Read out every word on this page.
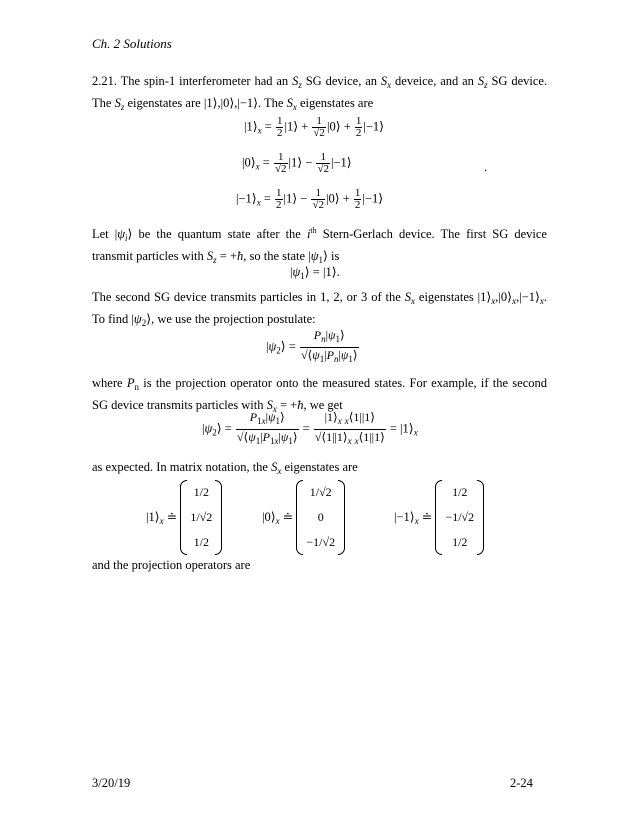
Ch. 2 Solutions
2.21. The spin-1 interferometer had an $S_z$ SG device, an $S_x$ deveice, and an $S_z$ SG device. The $S_z$ eigenstates are |1⟩,|0⟩,|−1⟩. The $S_x$ eigenstates are
$|1⟩_x = \frac{1}{2}$ |1⟩ + $\frac{1}{√2}$ |0⟩ + $\frac{1}{2}$ |−1⟩
$|0⟩_x = \frac{1}{√2}$ |1⟩ − $\frac{1}{√2}$ |−1⟩	.
$|-1⟩_x = \frac{1}{2}$ |1⟩ − $\frac{1}{√2}$ |0⟩ + $\frac{1}{2}$ |−1⟩
Let $|\psi_i⟩$ be the quantum state after the $i^{th}$ Stern-Gerlach device. The first SG device transmit particles with $S_z$ = +ħ, so the state $|\psi_1⟩$ is
$|\psi_1⟩$ = |1⟩.
The second SG device transmits particles in 1, 2, or 3 of the $S_x$ eigenstates $|1⟩_x,|0⟩_x,|-1⟩_x$. To find $|\psi_2⟩$, we use the projection postulate:
$|\psi_2⟩ = \frac{P_n|\psi_1⟩}{√⟨\psi_1|P_n|\psi_1⟩}$
where $P_n$ is the projection operator onto the measured states. For example, if the second SG device transmits particles with $S_x$ = +ħ, we get
$|\psi_2⟩ = \frac{P_{1x}|\psi_1⟩}{√⟨\psi_1|P_{1x}|\psi_1⟩} = \frac{|1⟩_x _x⟨1||1⟩}{√⟨1||1⟩_x _x⟨1||1⟩}$ = $|1⟩_x$
as expected. In matrix notation, the $S_x$ eigenstates are
$|1⟩_x$ ≐
1/2
1/√2
1/2
$|0⟩_x$ ≐
1/√2
0
−1/√2
$|-1⟩_x$ ≐
1/2
−1/√2
1/2
and the projection operators are
3/20/19	2-24
